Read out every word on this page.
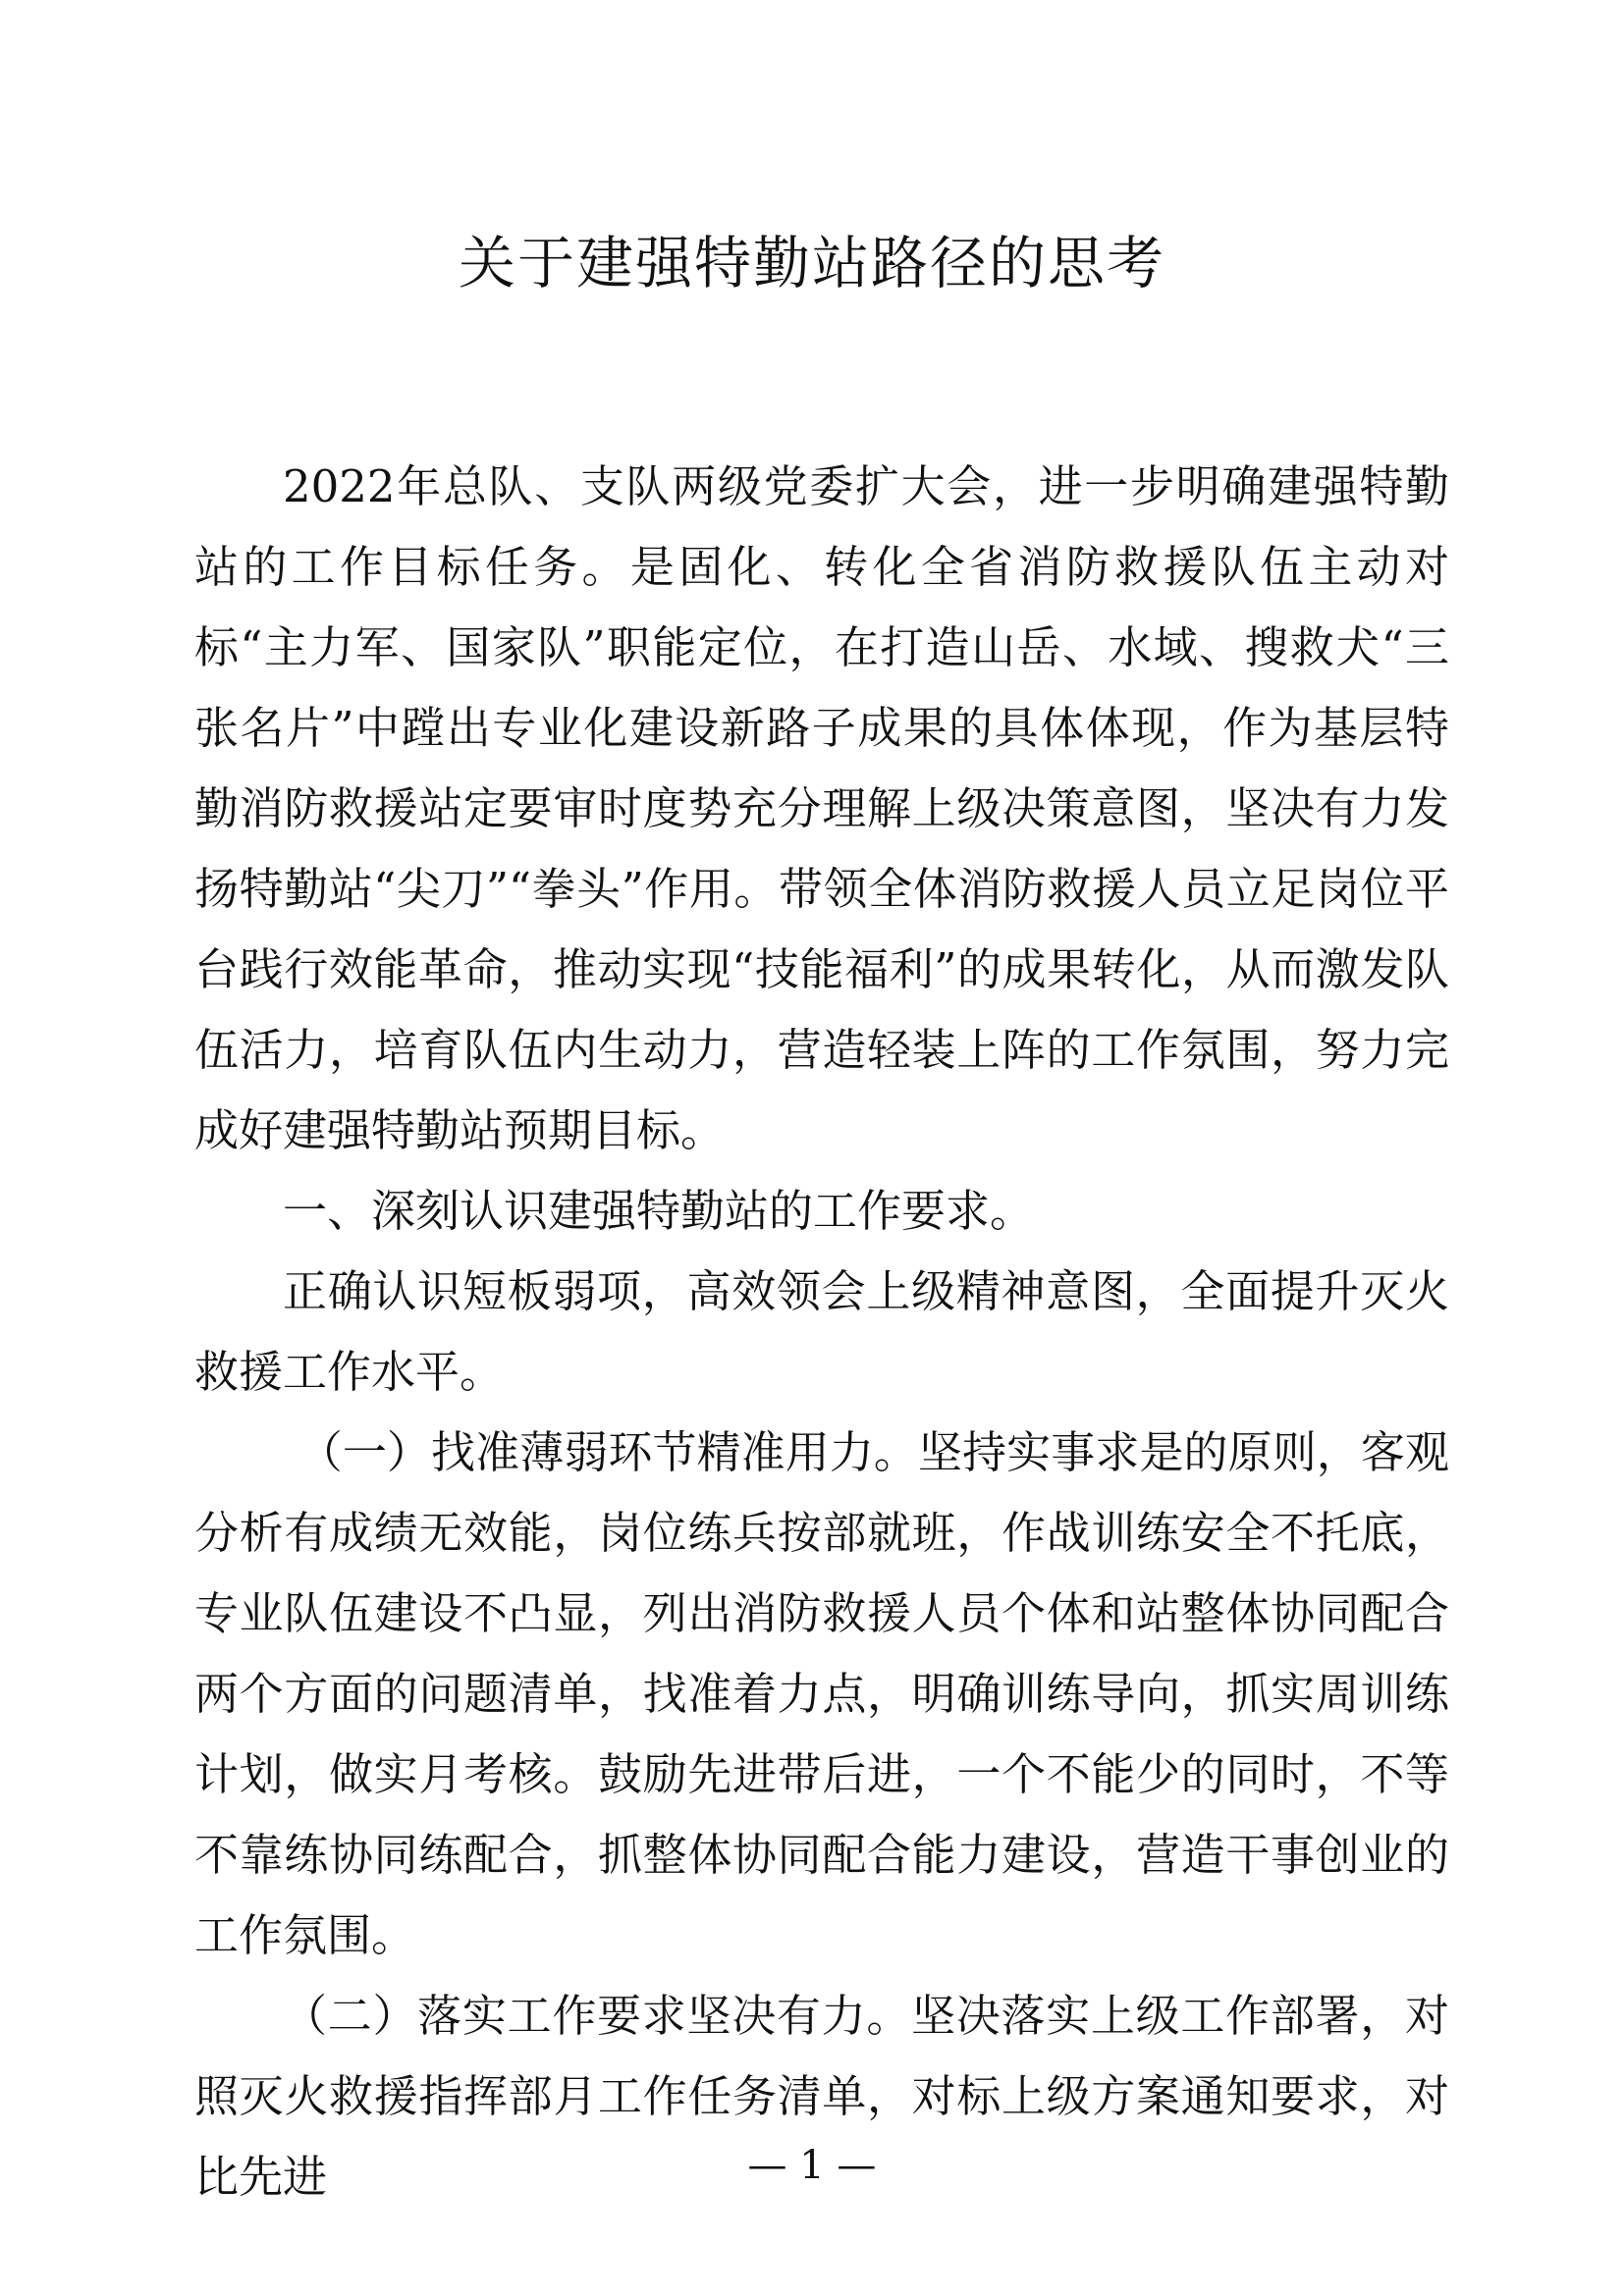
关于建强特勤站路径的思考

2022年总队、支队两级党委扩大会，进一步明确建强特勤站的工作目标任务。是固化、转化全省消防救援队伍主动对标“主力军、国家队”职能定位，在打造山岳、水域、搜救犬“三张名片”中蹚出专业化建设新路子成果的具体体现，作为基层特勤消防救援站定要审时度势充分理解上级决策意图，坚决有力发扬特勤站“尖刀”“拳头”作用。带领全体消防救援人员立足岗位平台践行效能革命，推动实现“技能福利”的成果转化，从而激发队伍活力，培育队伍内生动力，营造轻装上阵的工作氛围，努力完成好建强特勤站预期目标。

一、深刻认识建强特勤站的工作要求。

正确认识短板弱项，高效领会上级精神意图，全面提升灭火救援工作水平。

（一）找准薄弱环节精准用力。坚持实事求是的原则，客观分析有成绩无效能，岗位练兵按部就班，作战训练安全不托底，专业队伍建设不凸显，列出消防救援人员个体和站整体协同配合两个方面的问题清单，找准着力点，明确训练导向，抓实周训练计划，做实月考核。鼓励先进带后进，一个不能少的同时，不等不靠练协同练配合，抓整体协同配合能力建设，营造干事创业的工作氛围。

（二）落实工作要求坚决有力。坚决落实上级工作部署，对照灭火救援指挥部月工作任务清单，对标上级方案通知要求，对比先进	— 1 —
